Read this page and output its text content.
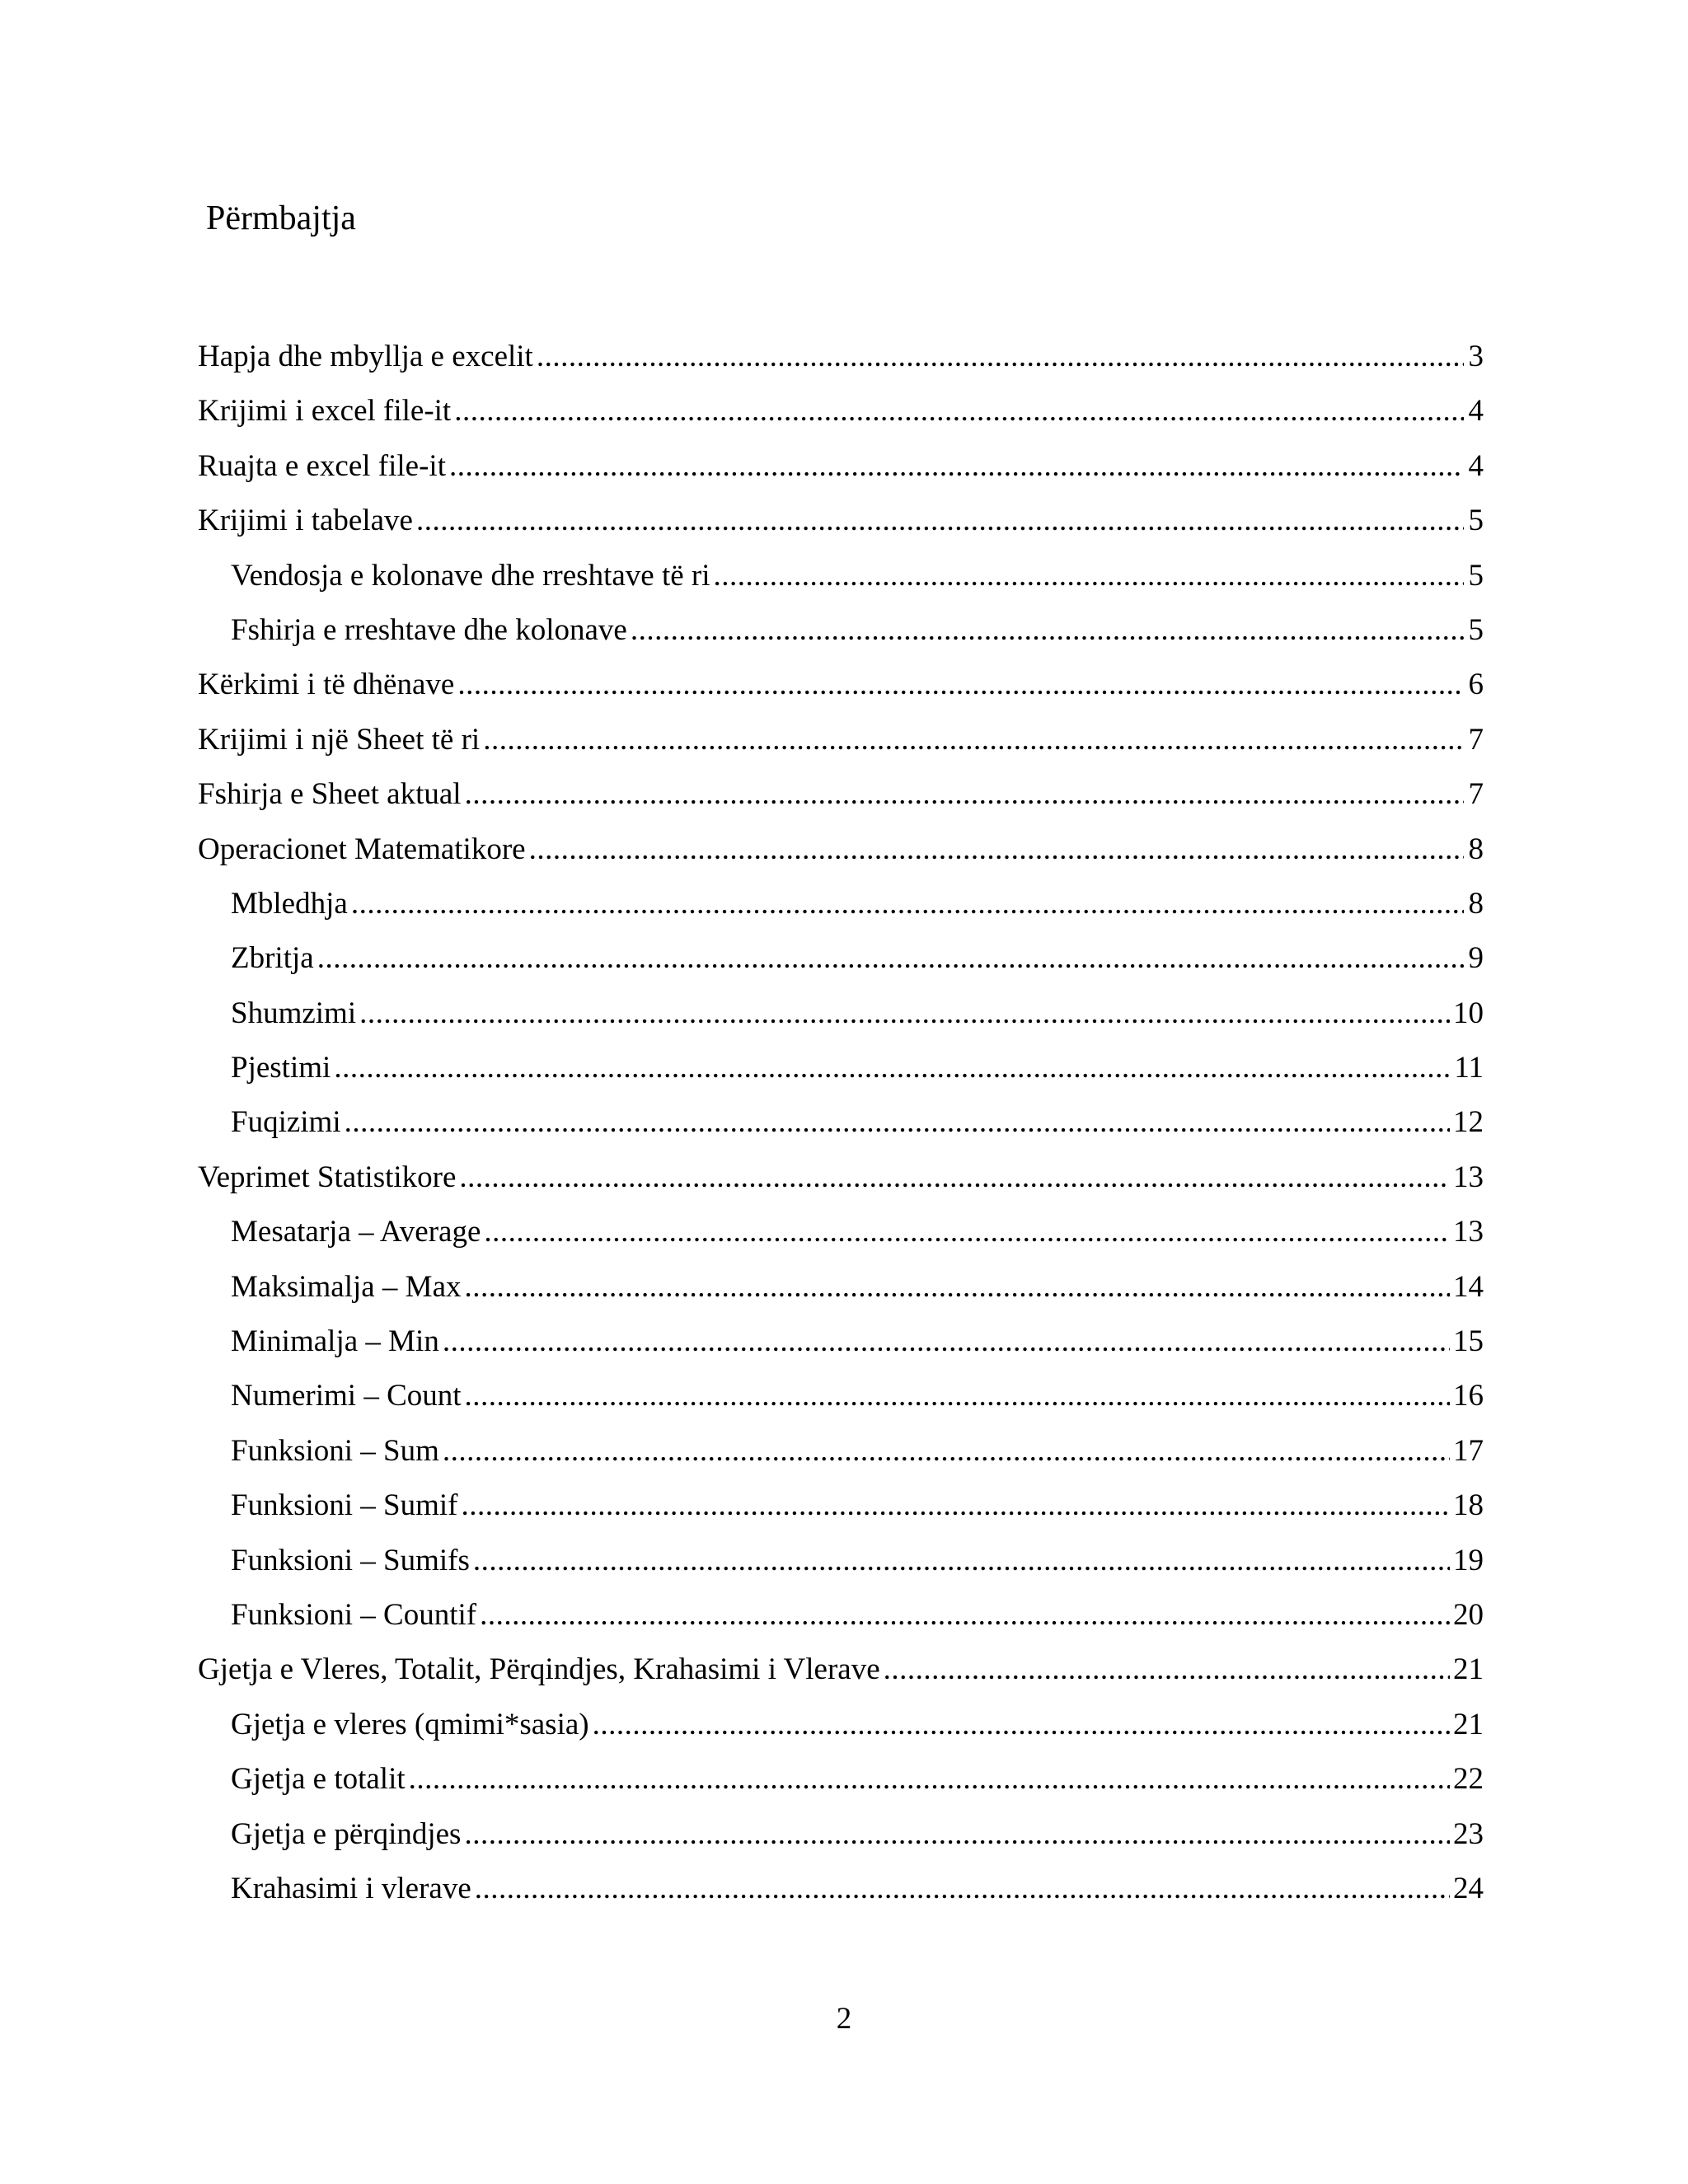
Përmbajtja
Hapja dhe mbyllja e excelit .....	3
Krijimi i excel file-it .....	4
Ruajta e excel file-it .....	4
Krijimi i tabelave .....	5
Vendosja e kolonave dhe rreshtave të ri .....	5
Fshirja e rreshtave dhe kolonave .....	5
Kërkimi i të dhënave .....	6
Krijimi i një Sheet të ri .....	7
Fshirja e Sheet aktual .....	7
Operacionet Matematikore .....	8
Mbledhja .....	8
Zbritja .....	9
Shumzimi .....	10
Pjestimi .....	11
Fuqizimi .....	12
Veprimet Statistikore .....	13
Mesatarja – Average .....	13
Maksimalja – Max .....	14
Minimalja – Min .....	15
Numerimi – Count .....	16
Funksioni – Sum .....	17
Funksioni – Sumif .....	18
Funksioni – Sumifs .....	19
Funksioni – Countif .....	20
Gjetja e Vleres, Totalit, Përqindjes, Krahasimi i Vlerave .....	21
Gjetja e vleres (qmimi*sasia) .....	21
Gjetja e totalit .....	22
Gjetja e përqindjes .....	23
Krahasimi i vlerave .....	24
2
